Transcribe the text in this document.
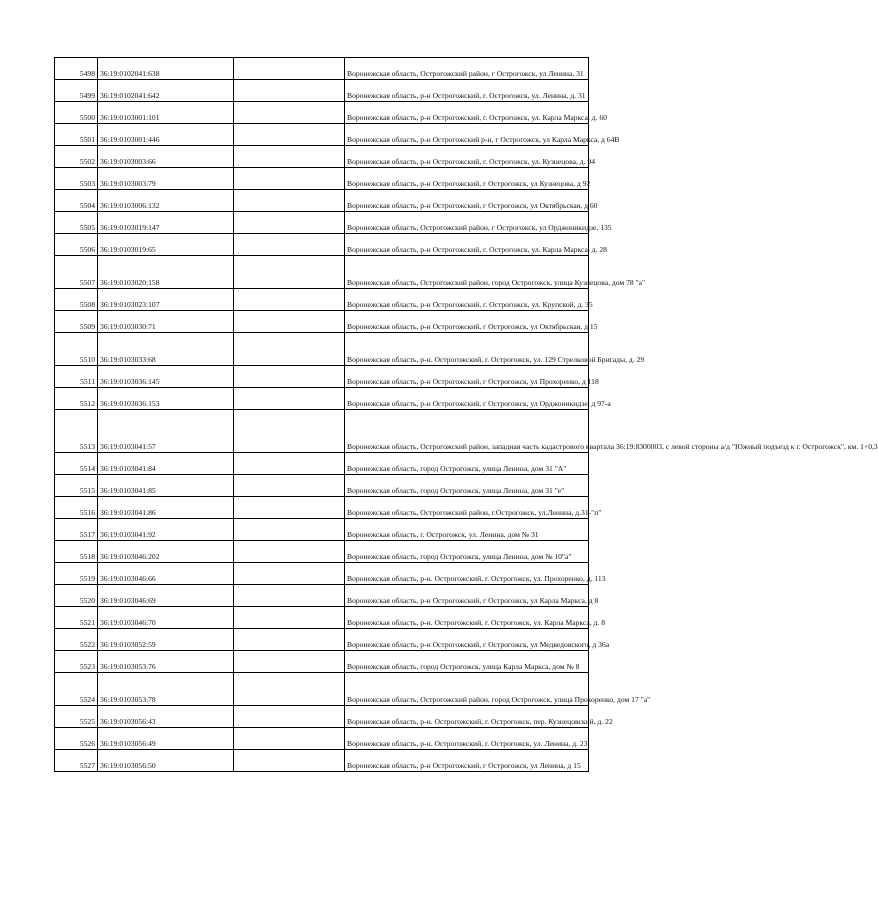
5498	36:19:0102041:638		Воронежская область, Острогожский район, г Острогожск, ул Ленина, 31
5499	36:19:0102041:642		Воронежская область, р-н Острогожский, г. Острогожск, ул. Ленина, д. 31
5500	36:19:0103001:101		Воронежская область, р-н Острогожский, г. Острогожск, ул. Карла Маркса, д. 60
5501	36:19:0103001:446		Воронежская область, р-н Острогожский р-н, г Острогожск, ул Карла Маркса, д 64В
5502	36:19:0103003:66		Воронежская область, р-н Острогожский, г. Острогожск, ул. Кузнецова, д. 94
5503	36:19:0103003:79		Воронежская область, р-н Острогожский, г Острогожск, ул Кузнецова, д 92
5504	36:19:0103006:132		Воронежская область, р-н Острогожский, г Острогожск, ул Октябрьская, д 60
5505	36:19:0103019:147		Воронежская область, Острогожский район, г Острогожск, ул Орджоникидзе, 135
5506	36:19:0103019:65		Воронежская область, р-н Острогожский, г. Острогожск, ул. Карла Маркса, д. 28
5507	36:19:0103020:158		Воронежская область, Острогожский район, город Острогожск, улица Кузнецова, дом 78 "а"
5508	36:19:0103023:107		Воронежская область, р-н Острогожский, г. Острогожск, ул. Крупской, д. 35
5509	36:19:0103030:71		Воронежская область, р-н Острогожский, г Острогожск, ул Октябрьская, д 15
5510	36:19:0103033:68		Воронежская область, р-н. Острогожский, г. Острогожск, ул. 129 Стрелковой Бригады, д. 29
5511	36:19:0103036:145		Воронежская область, р-н Острогожский, г Острогожск, ул Прохоренко, д 118
5512	36:19:0103036:153		Воронежская область, р-н Острогожский, г Острогожск, ул Орджоникидзе, д 97-а
5513	36:19:0103041:57		Воронежская область, Острогожский район, западная часть кадастрового квартала 36:19:8300003, с левой стороны а/д "Южный подъезд к г. Острогожск", км. 1+0,3
5514	36:19:0103041:84		Воронежская область, город Острогожск, улица Ленина, дом 31 "А"
5515	36:19:0103041:85		Воронежская область, город Острогожск, улица Ленина, дом 31 "е"
5516	36:19:0103041:86		Воронежская область, Острогожский район, г.Острогожск, ул.Ленина, д.31-"п"
5517	36:19:0103041:92		Воронежская область, г. Острогожск, ул. Ленина, дом № 31
5518	36:19:0103046:202		Воронежская область, город Острогожск, улица Ленина, дом № 10"а"
5519	36:19:0103046:66		Воронежская область, р-н. Острогожский, г. Острогожск, ул. Прохоренко, д. 113
5520	36:19:0103046:69		Воронежская область, р-н Острогожский, г Острогожск, ул Карла Маркса, д 8
5521	36:19:0103046:70		Воронежская область, р-н. Острогожский, г. Острогожск, ул. Карла Маркса, д. 8
5522	36:19:0103052:59		Воронежская область, р-н Острогожский, г Острогожск, ул Медведовского, д 36а
5523	36:19:0103053:76		Воронежская область, город Острогожск, улица Карла Маркса, дом № 8
5524	36:19:0103053:78		Воронежская область, Острогожский район, город Острогожск, улица Прохоренко, дом 17 "а"
5525	36:19:0103056:43		Воронежская область, р-н. Острогожский, г. Острогожск, пер. Кузнецовский, д. 22
5526	36:19:0103056:49		Воронежская область, р-н. Острогожский, г. Острогожск, ул. Ленина, д. 23
5527	36:19:0103056:50		Воронежская область, р-н Острогожский, г Острогожск, ул Ленина, д 15
